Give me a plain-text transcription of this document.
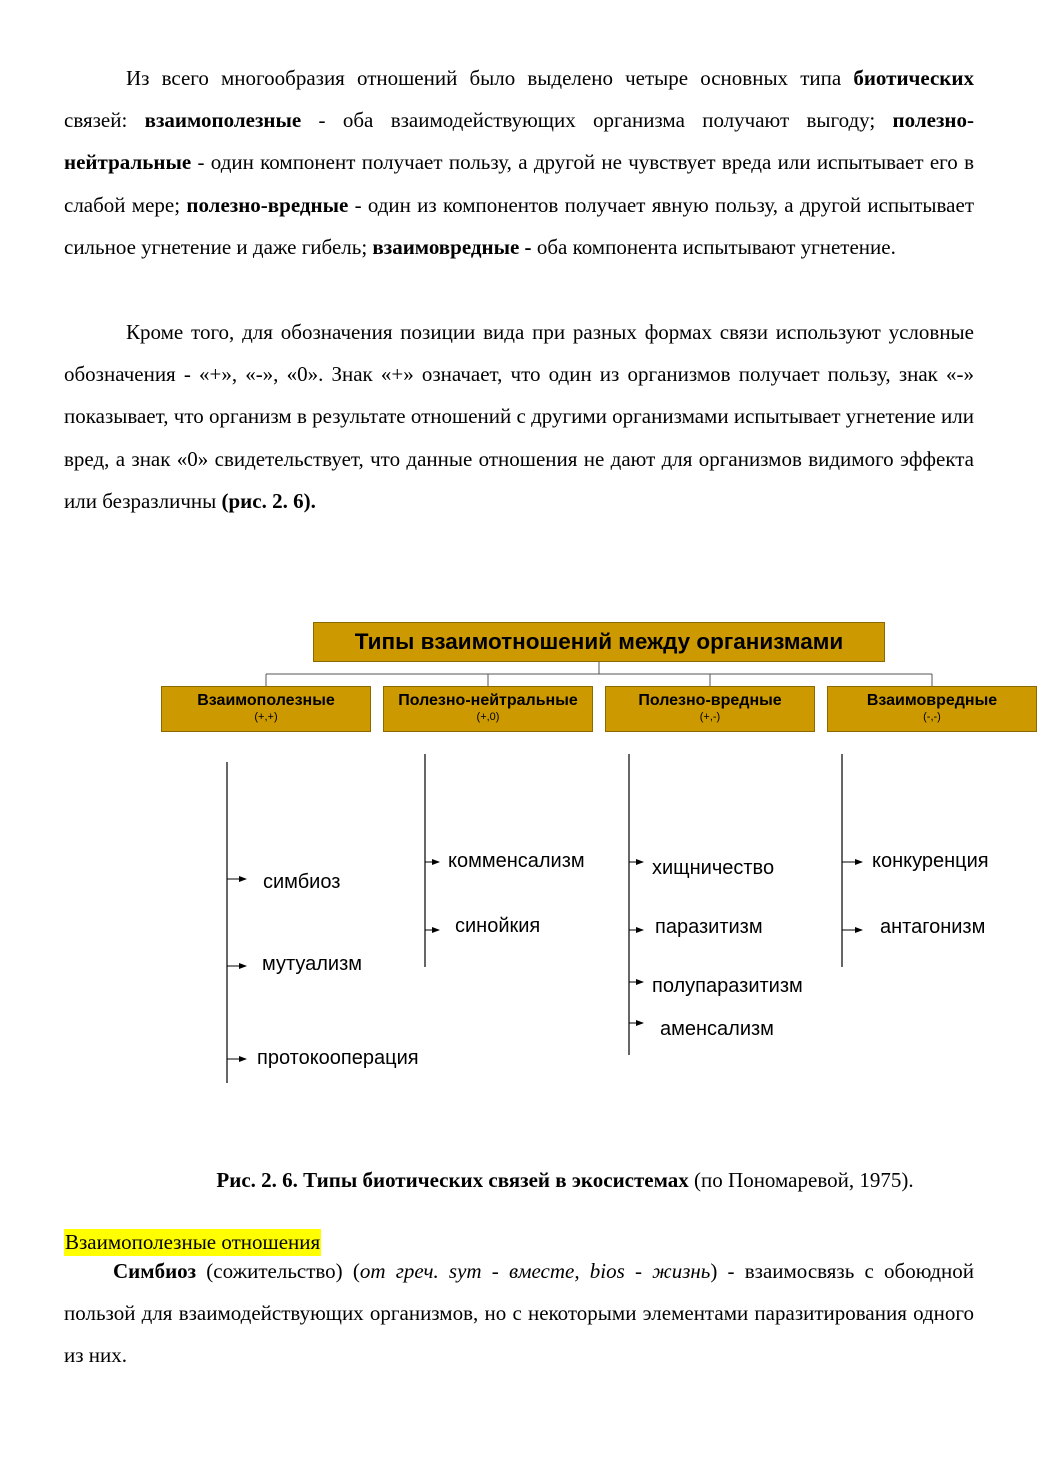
Из всего многообразия отношений было выделено четыре основных типа биотических связей: взаимополезные - оба взаимодействующих организма получают выгоду; полезно-нейтральные - один компонент получает пользу, а другой не чувствует вреда или испытывает его в слабой мере; полезно-вредные - один из компонентов получает явную пользу, а другой испытывает сильное угнетение и даже гибель; взаимовредные - оба компонента испытывают угнетение.

Кроме того, для обозначения позиции вида при разных формах связи используют условные обозначения - «+», «-», «0». Знак «+» означает, что один из организмов получает пользу, знак «-» показывает, что организм в результате отношений с другими организмами испытывает угнетение или вред, а знак «0» свидетельствует, что данные отношения не дают для организмов видимого эффекта или безразличны (рис. 2. 6).

Типы взаимотношений между организмами
Взаимополезные
(+,+)
Полезно-нейтральные
(+,0)
Полезно-вредные
(+,-)
Взаимовредные
(-,-)
симбиоз
мутуализм
протокооперация
комменсализм
синойкия
хищничество
паразитизм
полупаразитизм
аменсализм
конкуренция
антагонизм
Рис. 2. 6. Типы биотических связей в экосистемах (по Пономаревой, 1975).
Взаимополезные отношения

Симбиоз (сожительство) (от греч. sym - вместе, bios - жизнь) - взаимосвязь с обоюдной пользой для взаимодействующих организмов, но с некоторыми элементами паразитирования одного из них.
